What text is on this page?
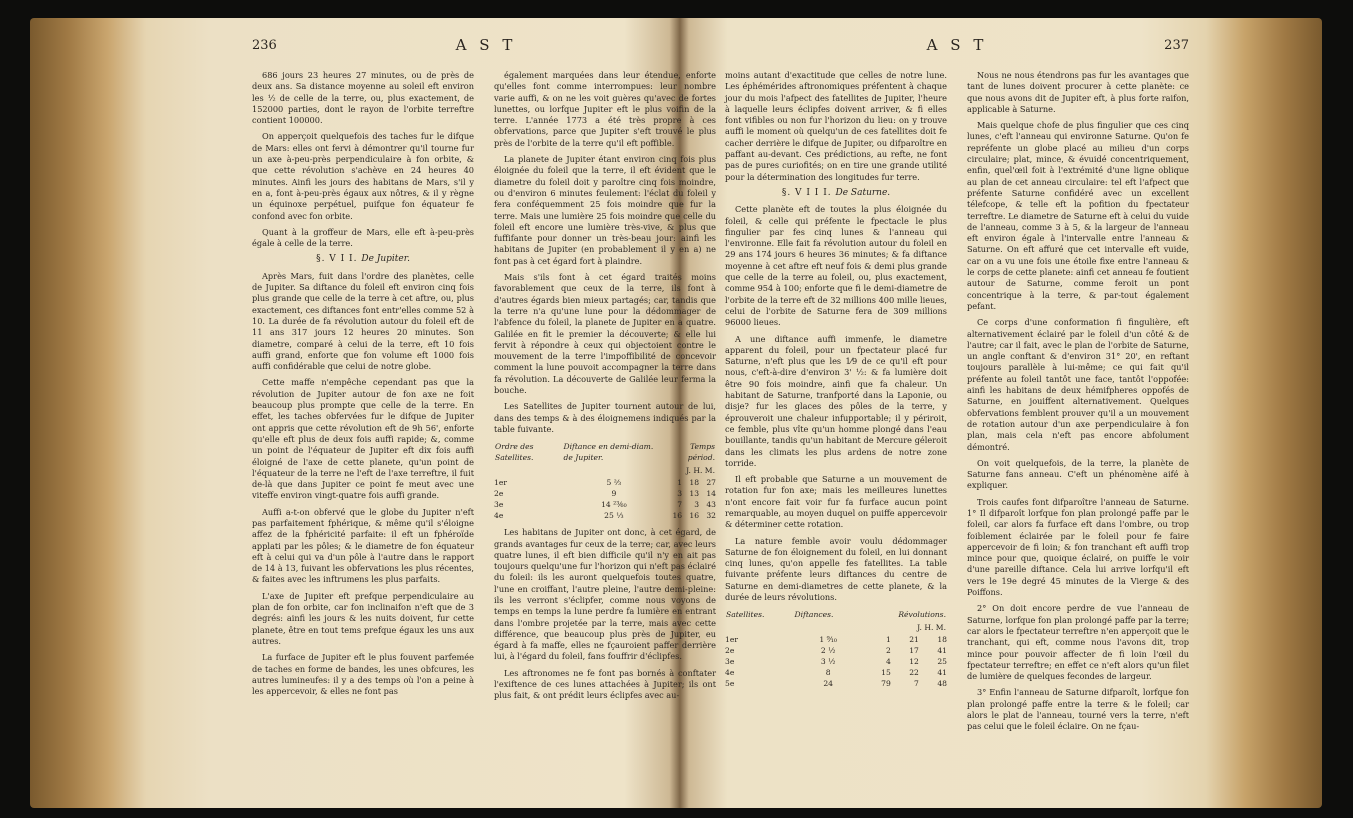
236	A S T

686 jours 23 heures 27 minutes, ou de près de deux ans. Sa distance moyenne au soleil eft environ les ½ de celle de la terre, ou, plus exactement, de 152000 parties, dont le rayon de l'orbite terreftre contient 100000.

On apperçoit quelquefois des taches fur le difque de Mars: elles ont fervi à démontrer qu'il tourne fur un axe à-peu-près perpendiculaire à fon orbite, & que cette révolution s'achève en 24 heures 40 minutes. Ainfi les jours des habitans de Mars, s'il y en a, font à-peu-près égaux aux nôtres, & il y règne un équinoxe perpétuel, puifque fon équateur fe confond avec fon orbite.

Quant à la groffeur de Mars, elle eft à-peu-près égale à celle de la terre.

§. V I I. De Jupiter.

Après Mars, fuit dans l'ordre des planètes, celle de Jupiter. Sa diftance du foleil eft environ cinq fois plus grande que celle de la terre à cet aftre, ou, plus exactement, ces diftances font entr'elles comme 52 à 10. La durée de fa révolution autour du foleil eft de 11 ans 317 jours 12 heures 20 minutes. Son diametre, comparé à celui de la terre, eft 10 fois auffi grand, enforte que fon volume eft 1000 fois auffi confidérable que celui de notre globe.

Cette maffe n'empêche cependant pas que la révolution de Jupiter autour de fon axe ne foit beaucoup plus prompte que celle de la terre. En effet, les taches obfervées fur le difque de Jupiter ont appris que cette révolution eft de 9h 56', enforte qu'elle eft plus de deux fois auffi rapide; &, comme un point de l'équateur de Jupiter eft dix fois auffi éloigné de l'axe de cette planete, qu'un point de l'équateur de la terre ne l'eft de l'axe terreftre, il fuit de-là que dans Jupiter ce point fe meut avec une viteffe environ vingt-quatre fois auffi grande.

Auffi a-t-on obfervé que le globe du Jupiter n'eft pas parfaitement fphérique, & même qu'il s'éloigne affez de la fphéricité parfaite: il eft un fphéroïde applati par les pôles; & le diametre de fon équateur eft à celui qui va d'un pôle à l'autre dans le rapport de 14 à 13, fuivant les obfervations les plus récentes, & faites avec les inftrumens les plus parfaits.

L'axe de Jupiter eft prefque perpendiculaire au plan de fon orbite, car fon inclinaifon n'eft que de 3 degrés: ainfi les jours & les nuits doivent, fur cette planete, être en tout tems prefque égaux les uns aux autres.

La furface de Jupiter eft le plus fouvent parfemée de taches en forme de bandes, les unes obfcures, les autres lumineufes: il y a des temps où l'on a peine à les appercevoir, & elles ne font pas

également marquées dans leur étendue, enforte qu'elles font comme interrompues: leur nombre varie auffi, & on ne les voit guères qu'avec de fortes lunettes, ou lorfque Jupiter eft le plus voifin de la terre. L'année 1773 a été très propre à ces obfervations, parce que Jupiter s'eft trouvé le plus près de l'orbite de la terre qu'il eft poffible.

La planete de Jupiter étant environ cinq fois plus éloignée du foleil que la terre, il eft évident que le diametre du foleil doit y paroître cinq fois moindre, ou d'environ 6 minutes feulement: l'éclat du foleil y fera conféquemment 25 fois moindre que fur la terre. Mais une lumière 25 fois moindre que celle du foleil eft encore une lumière très-vive, & plus que fuffifante pour donner un très-beau jour: ainfi les habitans de Jupiter (en probablement il y en a) ne font pas à cet égard fort à plaindre.

Mais s'ils font à cet égard traités moins favorablement que ceux de la terre, ils font à d'autres égards bien mieux partagés; car, tandis que la terre n'a qu'une lune pour la dédommager de l'abfence du foleil, la planete de Jupiter en a quatre. Galilée en fit le premier la découverte; & elle lui fervit à répondre à ceux qui objectoient contre le mouvement de la terre l'impoffibilité de concevoir comment la lune pouvoit accompagner la terre dans fa révolution. La découverte de Galilée leur ferma la bouche.

Les Satellites de Jupiter tournent autour de lui, dans des temps & à des éloignemens indiqués par la table fuivante.

Ordre des Satellites.	Diftance en demi-diam. de Jupiter.	Temps périod.		
		J. H. M.		
1er	5 ⅔	1	18	27
2e	9	3	13	14
3e	14 ²³⁄₆₀	7	3	43
4e	25 ⅓	16	16	32

Les habitans de Jupiter ont donc, à cet égard, de grands avantages fur ceux de la terre; car, avec leurs quatre lunes, il eft bien difficile qu'il n'y en ait pas toujours quelqu'une fur l'horizon qui n'eft pas éclairé du foleil: ils les auront quelquefois toutes quatre, l'une en croiffant, l'autre pleine, l'autre demi-pleine: ils les verront s'éclipfer, comme nous voyons de temps en temps la lune perdre fa lumière en entrant dans l'ombre projetée par la terre, mais avec cette différence, que beaucoup plus près de Jupiter, eu égard à fa maffe, elles ne fçauroient paffer derrière lui, à l'égard du foleil, fans fouffrir d'éclipfes.

Les aftronomes ne fe font pas bornés à conftater l'exiftence de ces lunes attachées à Jupiter; ils ont plus fait, & ont prédit leurs éclipfes avec au-

A S T	237

moins autant d'exactitude que celles de notre lune. Les éphémérides aftronomiques préfentent à chaque jour du mois l'afpect des fatellites de Jupiter, l'heure à laquelle leurs éclipfes doivent arriver, & fi elles font vifibles ou non fur l'horizon du lieu: on y trouve auffi le moment où quelqu'un de ces fatellites doit fe cacher derrière le difque de Jupiter, ou difparoître en paffant au-devant. Ces prédictions, au refte, ne font pas de pures curiofités; on en tire une grande utilité pour la détermination des longitudes fur terre.

§. V I I I. De Saturne.

Cette planète eft de toutes la plus éloignée du foleil, & celle qui préfente le fpectacle le plus fingulier par fes cinq lunes & l'anneau qui l'environne. Elle fait fa révolution autour du foleil en 29 ans 174 jours 6 heures 36 minutes; & fa diftance moyenne à cet aftre eft neuf fois & demi plus grande que celle de la terre au foleil, ou, plus exactement, comme 954 à 100; enforte que fi le demi-diametre de l'orbite de la terre eft de 32 millions 400 mille lieues, celui de l'orbite de Saturne fera de 309 millions 96000 lieues.

A une diftance auffi immenfe, le diametre apparent du foleil, pour un fpectateur placé fur Saturne, n'eft plus que les 1⁄9 de ce qu'il eft pour nous, c'eft-à-dire d'environ 3' ½: & fa lumière doit être 90 fois moindre, ainfi que fa chaleur. Un habitant de Saturne, tranfporté dans la Laponie, ou disje? fur les glaces des pôles de la terre, y éprouveroit une chaleur infupportable; il y périroit, ce femble, plus vîte qu'un homme plongé dans l'eau bouillante, tandis qu'un habitant de Mercure géleroit dans les climats les plus ardens de notre zone torride.

Il eft probable que Saturne a un mouvement de rotation fur fon axe; mais les meilleures lunettes n'ont encore fait voir fur fa furface aucun point remarquable, au moyen duquel on puiffe appercevoir & déterminer cette rotation.

La nature femble avoir voulu dédommager Saturne de fon éloignement du foleil, en lui donnant cinq lunes, qu'on appelle fes fatellites. La table fuivante préfente leurs diftances du centre de Saturne en demi-diametres de cette planete, & la durée de leurs révolutions.

Satellites.	Diftances.	Révolutions.		
		J. H. M.		
1er	1 ⁹⁄₁₀	1	21	18
2e	2 ½	2	17	41
3e	3 ½	4	12	25
4e	8	15	22	41
5e	24	79	7	48

Nous ne nous étendrons pas fur les avantages que tant de lunes doivent procurer à cette planète: ce que nous avons dit de Jupiter eft, à plus forte raifon, applicable à Saturne.

Mais quelque chofe de plus fingulier que ces cinq lunes, c'eft l'anneau qui environne Saturne. Qu'on fe repréfente un globe placé au milieu d'un corps circulaire; plat, mince, & évuidé concentriquement, enfin, quel'œil foit à l'extrémité d'une ligne oblique au plan de cet anneau circulaire: tel eft l'afpect que préfente Saturne confidéré avec un excellent télefcope, & telle eft la pofition du fpectateur terreftre. Le diametre de Saturne eft à celui du vuide de l'anneau, comme 3 à 5, & la largeur de l'anneau eft environ égale à l'intervalle entre l'anneau & Saturne. On eft affuré que cet intervalle eft vuide, car on a vu une fois une étoile fixe entre l'anneau & le corps de cette planete: ainfi cet anneau fe foutient autour de Saturne, comme feroit un pont concentrique à la terre, & par-tout également pefant.

Ce corps d'une conformation fi fingulière, eft alternativement éclairé par le foleil d'un côté & de l'autre; car il fait, avec le plan de l'orbite de Saturne, un angle conftant & d'environ 31° 20', en reftant toujours parallèle à lui-même; ce qui fait qu'il préfente au foleil tantôt une face, tantôt l'oppofée: ainfi les habitans de deux hémifpheres oppofés de Saturne, en jouiffent alternativement. Quelques obfervations femblent prouver qu'il a un mouvement de rotation autour d'un axe perpendiculaire à fon plan, mais cela n'eft pas encore abfolument démontré.

On voit quelquefois, de la terre, la planète de Saturne fans anneau. C'eft un phénomène aifé à expliquer.

Trois caufes font difparoître l'anneau de Saturne. 1° Il difparoît lorfque fon plan prolongé paffe par le foleil, car alors fa furface eft dans l'ombre, ou trop foiblement éclairée par le foleil pour fe faire appercevoir de fi loin; & fon tranchant eft auffi trop mince pour que, quoique éclairé, on puiffe le voir d'une pareille diftance. Cela lui arrive lorfqu'il eft vers le 19e degré 45 minutes de la Vierge & des Poiffons.

2° On doit encore perdre de vue l'anneau de Saturne, lorfque fon plan prolongé paffe par la terre; car alors le fpectateur terreftre n'en apperçoit que le tranchant, qui eft, comme nous l'avons dit, trop mince pour pouvoir affecter de fi loin l'œil du fpectateur terreftre; en effet ce n'eft alors qu'un filet de lumière de quelques fecondes de largeur.

3° Enfin l'anneau de Saturne difparoît, lorfque fon plan prolongé paffe entre la terre & le foleil; car alors le plat de l'anneau, tourné vers la terre, n'eft pas celui que le foleil éclaire. On ne fçau-
